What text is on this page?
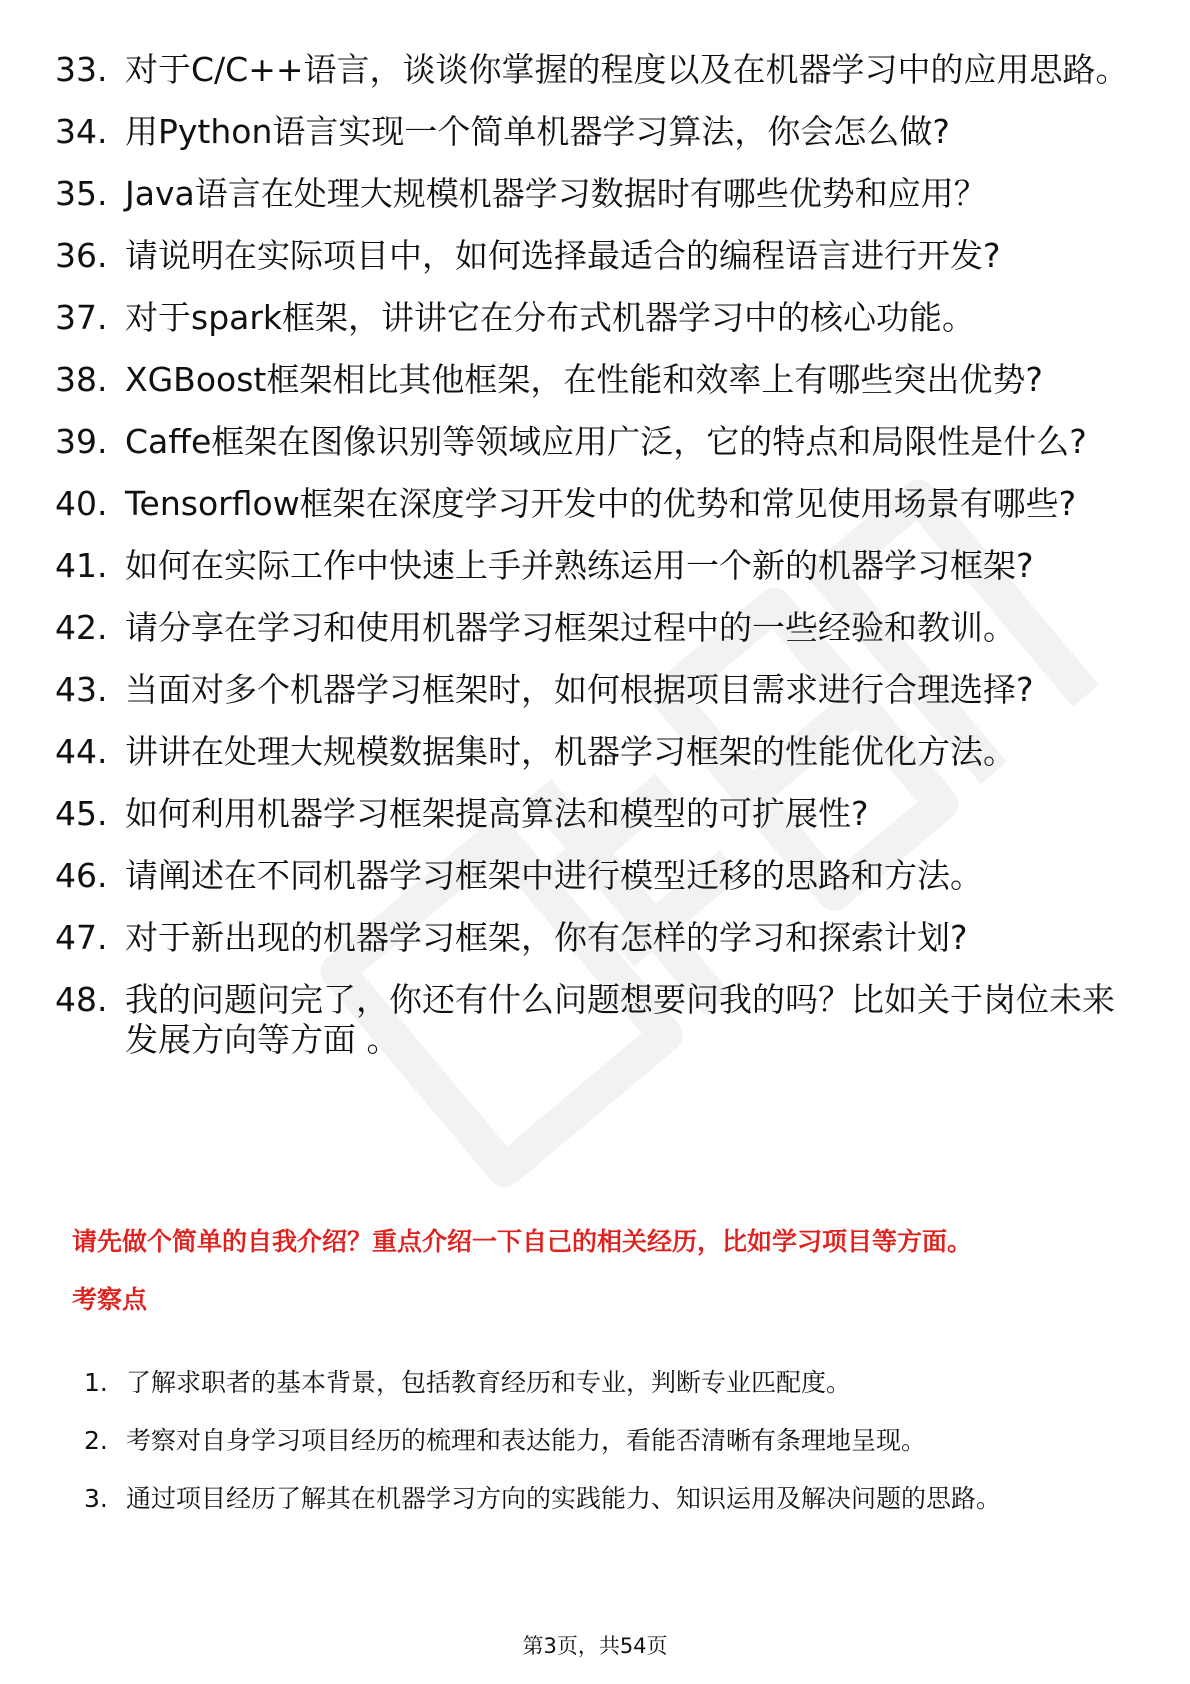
33. 对于C/C++语言，谈谈你掌握的程度以及在机器学习中的应用思路。
34. 用Python语言实现一个简单机器学习算法，你会怎么做?
35. Java语言在处理大规模机器学习数据时有哪些优势和应用？
36. 请说明在实际项目中，如何选择最适合的编程语言进行开发?
37. 对于spark框架，讲讲它在分布式机器学习中的核心功能。
38. XGBoost框架相比其他框架，在性能和效率上有哪些突出优势?
39. Caffe框架在图像识别等领域应用广泛，它的特点和局限性是什么?
40. Tensorflow框架在深度学习开发中的优势和常见使用场景有哪些?
41. 如何在实际工作中快速上手并熟练运用一个新的机器学习框架?
42. 请分享在学习和使用机器学习框架过程中的一些经验和教训。
43. 当面对多个机器学习框架时，如何根据项目需求进行合理选择?
44. 讲讲在处理大规模数据集时，机器学习框架的性能优化方法。
45. 如何利用机器学习框架提高算法和模型的可扩展性?
46. 请阐述在不同机器学习框架中进行模型迁移的思路和方法。
47. 对于新出现的机器学习框架，你有怎样的学习和探索计划?
48. 我的问题问完了，你还有什么问题想要问我的吗？比如关于岗位未来发展方向等方面 。

请先做个简单的自我介绍？重点介绍一下自己的相关经历，比如学习项目等方面。

考察点

1. 了解求职者的基本背景，包括教育经历和专业，判断专业匹配度。
2. 考察对自身学习项目经历的梳理和表达能力，看能否清晰有条理地呈现。
3. 通过项目经历了解其在机器学习方向的实践能力、知识运用及解决问题的思路。
第3页，共54页
